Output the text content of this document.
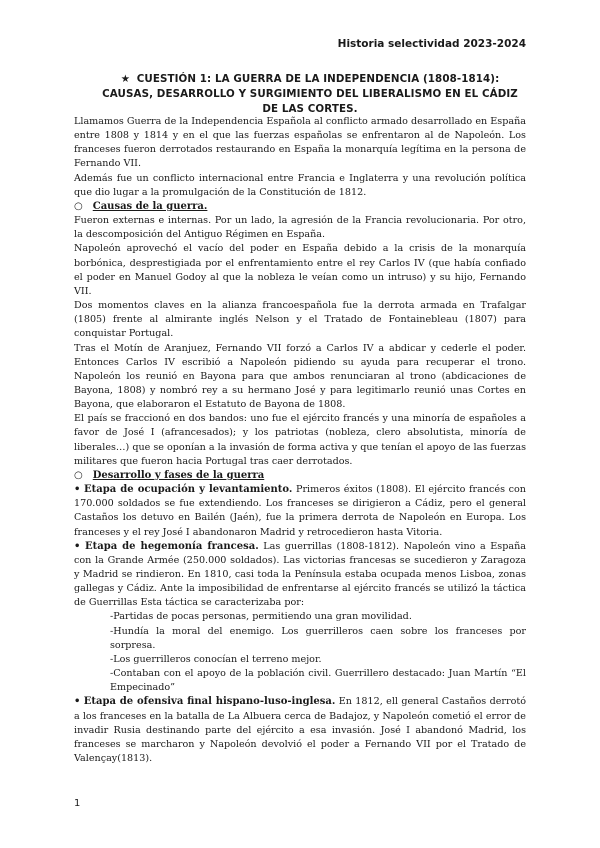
Historia selectividad 2023-2024
★ CUESTIÓN 1: LA GUERRA DE LA INDEPENDENCIA (1808-1814): CAUSAS, DESARROLLO Y SURGIMIENTO DEL LIBERALISMO EN EL CÁDIZ DE LAS CORTES.

Llamamos Guerra de la Independencia Española al conflicto armado desarrollado en España entre 1808 y 1814 y en el que las fuerzas españolas se enfrentaron al de Napoleón. Los franceses fueron derrotados restaurando en España la monarquía legítima en la persona de Fernando VII.

Además fue un conflicto internacional entre Francia e Inglaterra y una revolución política que dio lugar a la promulgación de la Constitución de 1812.

○ Causas de la guerra.

Fueron externas e internas. Por un lado, la agresión de la Francia revolucionaria. Por otro, la descomposición del Antiguo Régimen en España.

Napoleón aprovechó el vacío del poder en España debido a la crisis de la monarquía borbónica, desprestigiada por el enfrentamiento entre el rey Carlos IV (que había confiado el poder en Manuel Godoy al que la nobleza le veían como un intruso) y su hijo, Fernando VII.

Dos momentos claves en la alianza francoespañola fue la derrota armada en Trafalgar (1805) frente al almirante inglés Nelson y el Tratado de Fontainebleau (1807) para conquistar Portugal.

Tras el Motín de Aranjuez, Fernando VII forzó a Carlos IV a abdicar y cederle el poder. Entonces Carlos IV escribió a Napoleón pidiendo su ayuda para recuperar el trono. Napoleón los reunió en Bayona para que ambos renunciaran al trono (abdicaciones de Bayona, 1808) y nombró rey a su hermano José y para legitimarlo reunió unas Cortes en Bayona, que elaboraron el Estatuto de Bayona de 1808.

El país se fraccionó en dos bandos: uno fue el ejército francés y una minoría de españoles a favor de José I (afrancesados); y los patriotas (nobleza, clero absolutista, minoría de liberales…) que se oponían a la invasión de forma activa y que tenían el apoyo de las fuerzas militares que fueron hacia Portugal tras caer derrotados.

○ Desarrollo y fases de la guerra

• Etapa de ocupación y levantamiento. Primeros éxitos (1808). El ejército francés con 170.000 soldados se fue extendiendo. Los franceses se dirigieron a Cádiz, pero el general Castaños los detuvo en Bailén (Jaén), fue la primera derrota de Napoleón en Europa. Los franceses y el rey José I abandonaron Madrid y retrocedieron hasta Vitoria.

• Etapa de hegemonía francesa. Las guerrillas (1808-1812). Napoleón vino a España con la Grande Armée (250.000 soldados). Las victorias francesas se sucedieron y Zaragoza y Madrid se rindieron. En 1810, casi toda la Península estaba ocupada menos Lisboa, zonas gallegas y Cádiz. Ante la imposibilidad de enfrentarse al ejército francés se utilizó la táctica de Guerrillas Esta táctica se caracterizaba por:

-Partidas de pocas personas, permitiendo una gran movilidad.

-Hundía la moral del enemigo. Los guerrilleros caen sobre los franceses por sorpresa.

-Los guerrilleros conocían el terreno mejor.

-Contaban con el apoyo de la población civil. Guerrillero destacado: Juan Martín “El Empecinado”

• Etapa de ofensiva final hispano-luso-inglesa. En 1812, ell general Castaños derrotó a los franceses en la batalla de La Albuera cerca de Badajoz, y Napoleón cometió el error de invadir Rusia destinando parte del ejército a esa invasión. José I abandonó Madrid, los franceses se marcharon y Napoleón devolvió el poder a Fernando VII por el Tratado de Valençay(1813).

1
